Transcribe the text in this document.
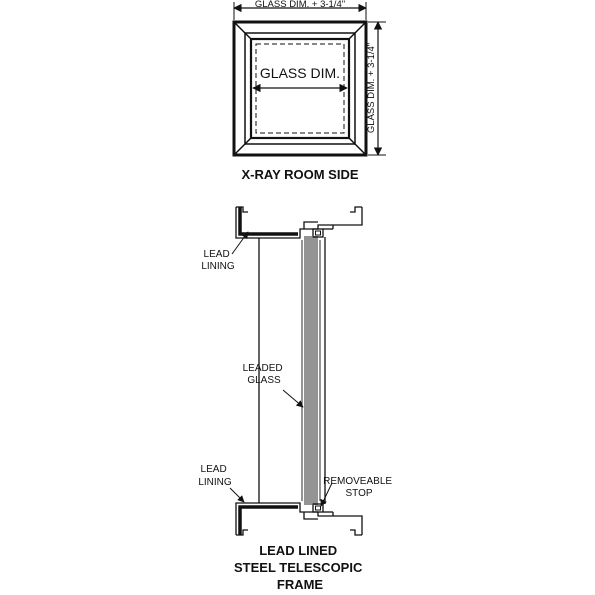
GLASS DIM. + 3-1/4"
GLASS DIM. + 3-1/4"
GLASS DIM.
X-RAY ROOM SIDE
LEAD LINING
LEADED GLASS
LEAD LINING	REMOVEABLE STOP
LEAD LINED STEEL TELESCOPIC FRAME
